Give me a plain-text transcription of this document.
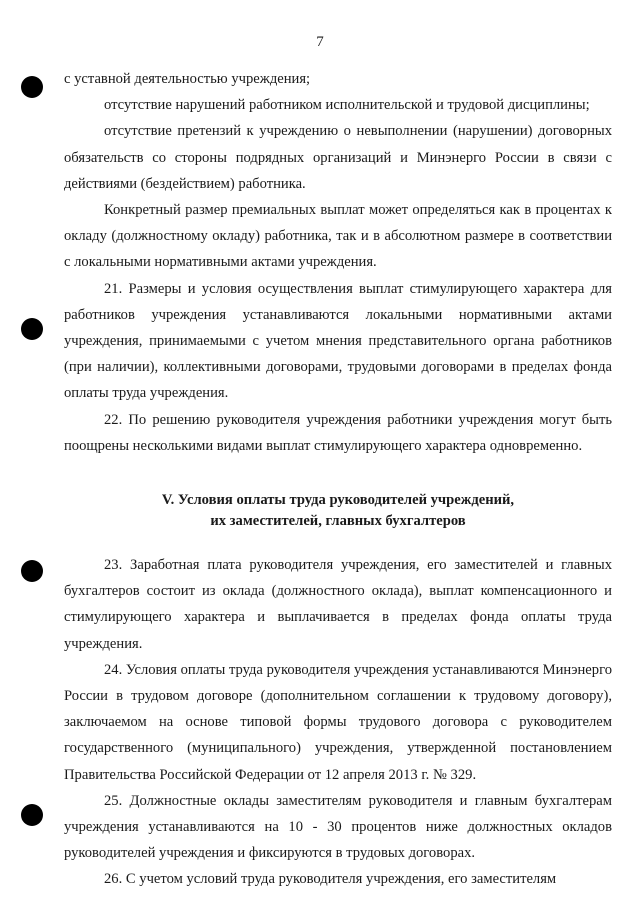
7

с уставной деятельностью учреждения;

отсутствие нарушений работником исполнительской и трудовой дисциплины;

отсутствие претензий к учреждению о невыполнении (нарушении) договорных обязательств со стороны подрядных организаций и Минэнерго России в связи с действиями (бездействием) работника.

Конкретный размер премиальных выплат может определяться как в процентах к окладу (должностному окладу) работника, так и в абсолютном размере в соответствии с локальными нормативными актами учреждения.

21. Размеры и условия осуществления выплат стимулирующего характера для работников учреждения устанавливаются локальными нормативными актами учреждения, принимаемыми с учетом мнения представительного органа работников (при наличии), коллективными договорами, трудовыми договорами в пределах фонда оплаты труда учреждения.

22. По решению руководителя учреждения работники учреждения могут быть поощрены несколькими видами выплат стимулирующего характера одновременно.

V. Условия оплаты труда руководителей учреждений,
их заместителей, главных бухгалтеров

23. Заработная плата руководителя учреждения, его заместителей и главных бухгалтеров состоит из оклада (должностного оклада), выплат компенсационного и стимулирующего характера и выплачивается в пределах фонда оплаты труда учреждения.

24. Условия оплаты труда руководителя учреждения устанавливаются Минэнерго России в трудовом договоре (дополнительном соглашении к трудовому договору), заключаемом на основе типовой формы трудового договора с руководителем государственного (муниципального) учреждения, утвержденной постановлением Правительства Российской Федерации от 12 апреля 2013 г. № 329.

25. Должностные оклады заместителям руководителя и главным бухгалтерам учреждения устанавливаются на 10 - 30 процентов ниже должностных окладов руководителей учреждения и фиксируются в трудовых договорах.

26. С учетом условий труда руководителя учреждения, его заместителям
